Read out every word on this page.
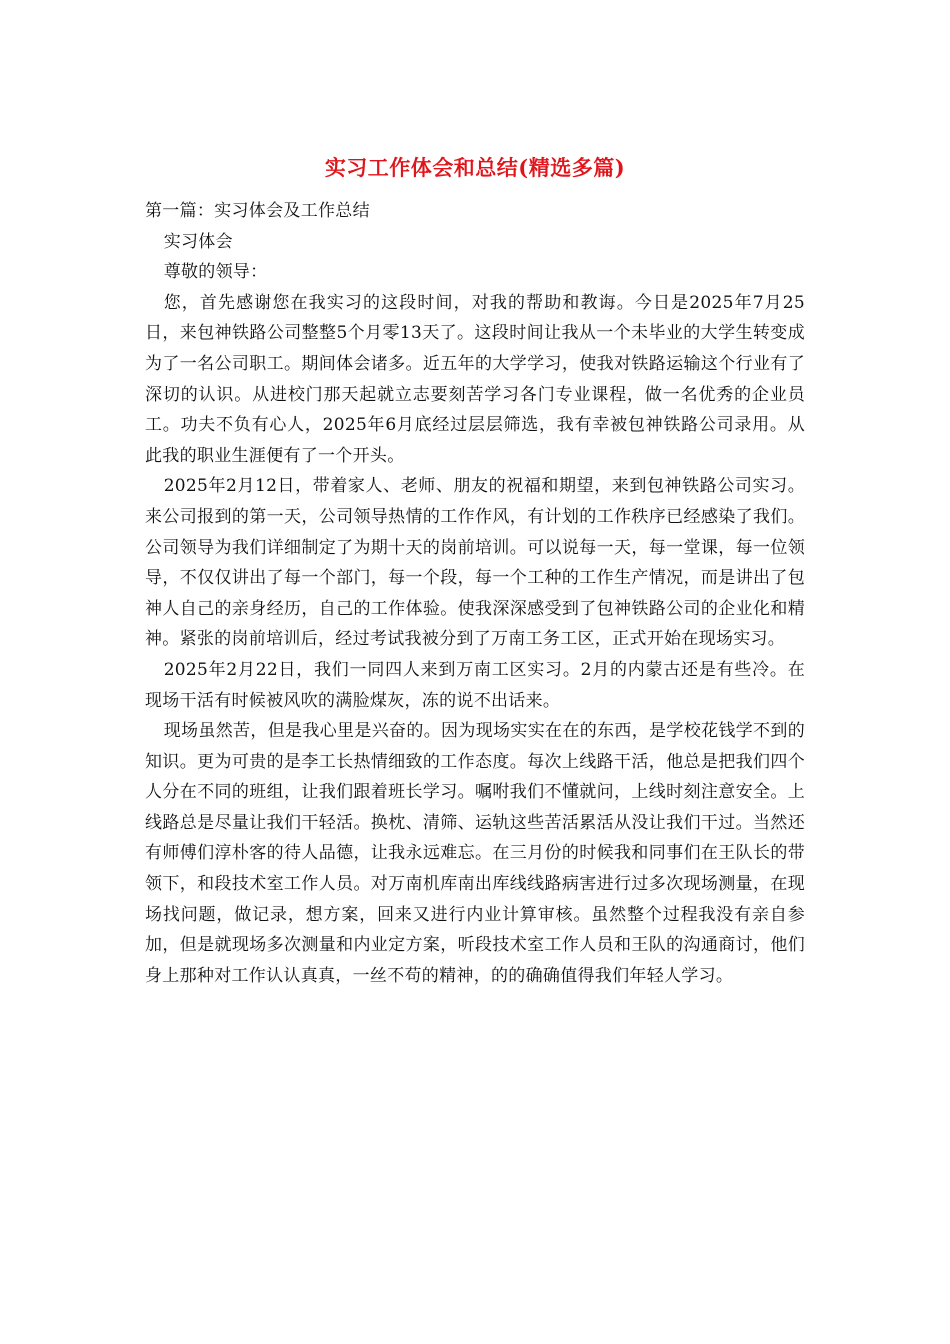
实习工作体会和总结(精选多篇)

第一篇：实习体会及工作总结

实习体会

尊敬的领导：

您，首先感谢您在我实习的这段时间，对我的帮助和教诲。今日是2025年7月25日，来包神铁路公司整整5个月零13天了。这段时间让我从一个未毕业的大学生转变成为了一名公司职工。期间体会诸多。近五年的大学学习，使我对铁路运输这个行业有了深切的认识。从进校门那天起就立志要刻苦学习各门专业课程，做一名优秀的企业员工。功夫不负有心人，2025年6月底经过层层筛选，我有幸被包神铁路公司录用。从此我的职业生涯便有了一个开头。

2025年2月12日，带着家人、老师、朋友的祝福和期望，来到包神铁路公司实习。来公司报到的第一天，公司领导热情的工作作风，有计划的工作秩序已经感染了我们。公司领导为我们详细制定了为期十天的岗前培训。可以说每一天，每一堂课，每一位领导，不仅仅讲出了每一个部门，每一个段，每一个工种的工作生产情况，而是讲出了包神人自己的亲身经历，自己的工作体验。使我深深感受到了包神铁路公司的企业化和精神。紧张的岗前培训后，经过考试我被分到了万南工务工区，正式开始在现场实习。

2025年2月22日，我们一同四人来到万南工区实习。2月的内蒙古还是有些冷。在现场干活有时候被风吹的满脸煤灰，冻的说不出话来。

现场虽然苦，但是我心里是兴奋的。因为现场实实在在的东西，是学校花钱学不到的知识。更为可贵的是李工长热情细致的工作态度。每次上线路干活，他总是把我们四个人分在不同的班组，让我们跟着班长学习。嘱咐我们不懂就问，上线时刻注意安全。上线路总是尽量让我们干轻活。换枕、清筛、运轨这些苦活累活从没让我们干过。当然还有师傅们淳朴客的待人品德，让我永远难忘。在三月份的时候我和同事们在王队长的带领下，和段技术室工作人员。对万南机库南出库线线路病害进行过多次现场测量，在现场找问题，做记录，想方案，回来又进行内业计算审核。虽然整个过程我没有亲自参加，但是就现场多次测量和内业定方案，听段技术室工作人员和王队的沟通商讨，他们身上那种对工作认认真真，一丝不苟的精神，的的确确值得我们年轻人学习。
